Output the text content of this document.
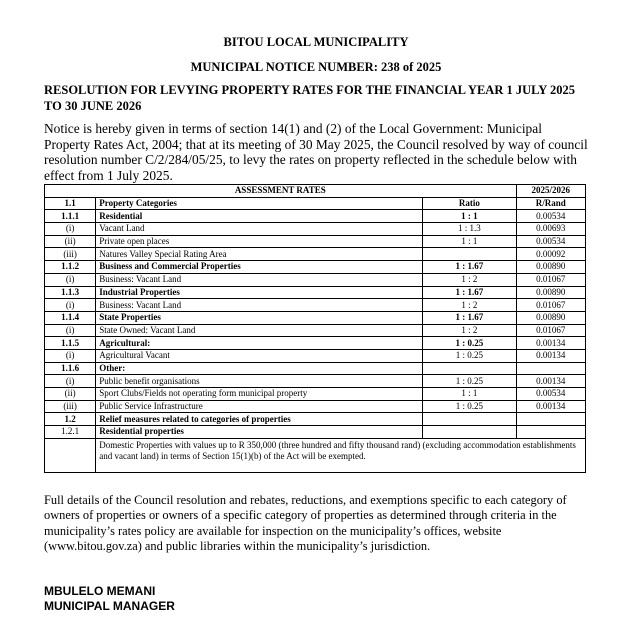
BITOU LOCAL MUNICIPALITY
MUNICIPAL NOTICE NUMBER: 238 of 2025
RESOLUTION FOR LEVYING PROPERTY RATES FOR THE FINANCIAL YEAR 1 JULY 2025 TO 30 JUNE 2026
Notice is hereby given in terms of section 14(1) and (2) of the Local Government: Municipal Property Rates Act, 2004; that at its meeting of 30 May 2025, the Council resolved by way of council resolution number C/2/284/05/25, to levy the rates on property reflected in the schedule below with effect from 1 July 2025.
ASSESSMENT RATES			2025/2026
1.1	Property Categories	Ratio	R/Rand
1.1.1	Residential	1 : 1	0.00534
(i)	Vacant Land	1 : 1.3	0.00693
(ii)	Private open places	1 : 1	0.00534
(iii)	Natures Valley Special Rating Area		0.00092
1.1.2	Business and Commercial Properties	1 : 1.67	0.00890
(i)	Business: Vacant Land	1 : 2	0.01067
1.1.3	Industrial Properties	1 : 1.67	0.00890
(i)	Business: Vacant Land	1 : 2	0.01067
1.1.4	State Properties	1 : 1.67	0.00890
(i)	State Owned: Vacant Land	1 : 2	0.01067
1.1.5	Agricultural:	1 : 0.25	0.00134
(i)	Agricultural Vacant	1 : 0.25	0.00134
1.1.6	Other:		
(i)	Public benefit organisations	1 : 0.25	0.00134
(ii)	Sport Clubs/Fields not operating form municipal property	1 : 1	0.00534
(iii)	Public Service Infrastructure	1 : 0.25	0.00134
1.2	Relief measures related to categories of properties		
1.2.1	Residential properties		
	Domestic Properties with values up to R 350,000 (three hundred and fifty thousand rand) (excluding accommodation establishments and vacant land) in terms of Section 15(1)(b) of the Act will be exempted.		
Full details of the Council resolution and rebates, reductions, and exemptions specific to each category of owners of properties or owners of a specific category of properties as determined through criteria in the municipality’s rates policy are available for inspection on the municipality’s offices, website (www.bitou.gov.za) and public libraries within the municipality’s jurisdiction.
MBULELO MEMANI
MUNICIPAL MANAGER
